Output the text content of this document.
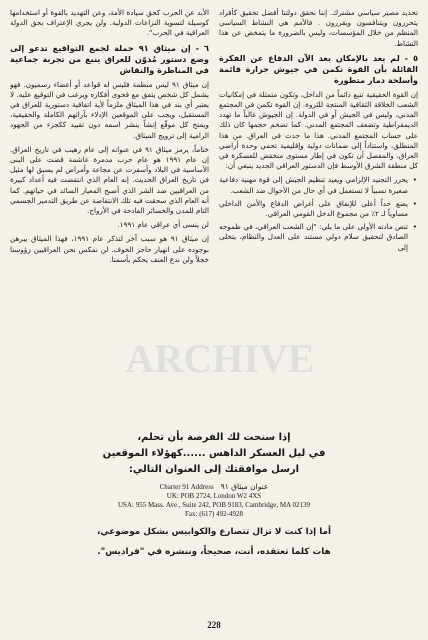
تحديد مصير سياسي مشترك. إننا نحقق دولتنا أفضل تحقيق كأفراد يتحررون ويتنافسون ويقررون . فالأمم هي النشاط السياسي المنظم من خلال المؤسسات، وليس بالضرورة ما يتمخض عن هذا النشاط.

٥ - لم يعد بالإمكان بعد الآن الدفاع عن الفكرة القائلة بأن القوة تكمن في جيوش جرارة قائمة وأسلحة دمار متطورة

إن القوة الحقيقية تنبع دائماً من الداخل، وتكون متمثلة في إمكانيات الشعب الخلاقة الثقافية المنتجة للثروة. إن القوة تكمن في المجتمع المدني، وليس في الجيش أو في الدولة. إن الجيوش غالباً ما تهدد الديمقراطية وتضعف المجتمع المدني. كما تضخم حجمها كان ذلك على حساب المجتمع المدني. هذا ما حدث في العراق. من هذا المنطلق، واستناداً إلى ضمانات دولية وإقليمية تحمي وحدة أراضي العراق، والمفصل أن تكون في إطار مستوى منخفض للعسكرة في كل منطقة الشرق الأوسط فإن الدستور العراقي الجديد ينبغي أن:

• يحرر التجنيد الإلزامي ويعيد تنظيم الجيش إلى قوة مهنية دفاعية صغيرة نسبياً لا تستعمل في أي حال من الأحوال ضد الشعب.
• يضع حداً أعلى للإنفاق على أغراض الدفاع والأمن الداخلي مساوياً لـ ٢٪ من مجموع الدخل القومي العراقي.
• تنص مادته الأولى على ما يلي: "إن الشعب العراقي، في طموحه الصادق لتحقيق سلام دولي مستند على العدل والنظام، يتخلى إلى

الأبد عن الحرب كحق سيادة الأمة، وعن التهديد بالقوة أو استخدامها كوسيلة لتسوية النزاعات الدولية. ولن يجري الإعتراف بحق الدولة العراقية في الحرب".

٦ - إن ميثاق ٩١ حملة لجمع التواقيع تدعو إلى وضع دستور مُدوّن للعراق ينبع من تجربة جماعية في المناظرة والنقاش

إن ميثاق ٩١ ليس منظمة فليس له قواعد أو أعضاء رسميون. فهو يشمل كل شخص يتفق مع فحوى أفكاره ويرغب في التوقيع عليه. لا يعتبر أي بند في هذا الميثاق ملزماً لأية اتفاقية دستورية للعراق في المستقبل، ويجب على الموقعين الإدلاء بآرائهم الكاملة والحقيقية، ويمنح كل موقّع إنشاً ينشر اسمه دون تقييد ككجزء من الجهود الرامية إلى ترويج الميثاق.

ختاماً، يرمز ميثاق ٩١ في عنوانه إلى عام رهيب في تاريخ العراق. إن عام ١٩٩١ هو عام حرب مدمرة غاشمة قضت على البنى الأساسية في البلاد وأسفرت عن مجاعة وأمراض لم يسبق لها مثيل في تاريخ العراق الحديث. إنه العام الذي انتفضت فيه أعداد كبيرة من العراقيين ضد الشر الذي أصبح المعيار السائد في حياتهم. كما أنه العام الذي سحقت فيه تلك الانتفاضة عن طريق التدمير الجسمي التام للمدن والخسائر الفادحة في الأرواح.

لن ينسى أي عراقي عام ١٩٩١.

إن ميثاق ٩١ هو سبب آخر لتذكر عام ١٩٩١، فهذا الميثاق يبرهن بوجوده على انهيار حاجز الخوف. لن نمكس نحن العراقيين رؤوسنا خجلاً ولن ندع العنف يحكم بأسمنا.

ARCHIVE

إذا سنحت لك الفرصة بأن تحلم،

في ليل العسكر الداهس ......كهؤلاء الموقعين

ارسل موافقتك إلى العنوان التالي:

Charter 91 Address عنوان ميثاق ٩١
UK: POB 2724, London W2 4XS
USA: 955 Mass. Ave., Suite 242, POB 9183, Cambridge, MA 02139
Fax: (617) 492-4928
أما إذا كنت لا تزال تتصارع والكوابيس بشكل موضوعي،
هات كلما تعتقده، أنت، صحيحاً، وننشره في "فراديس".
228
